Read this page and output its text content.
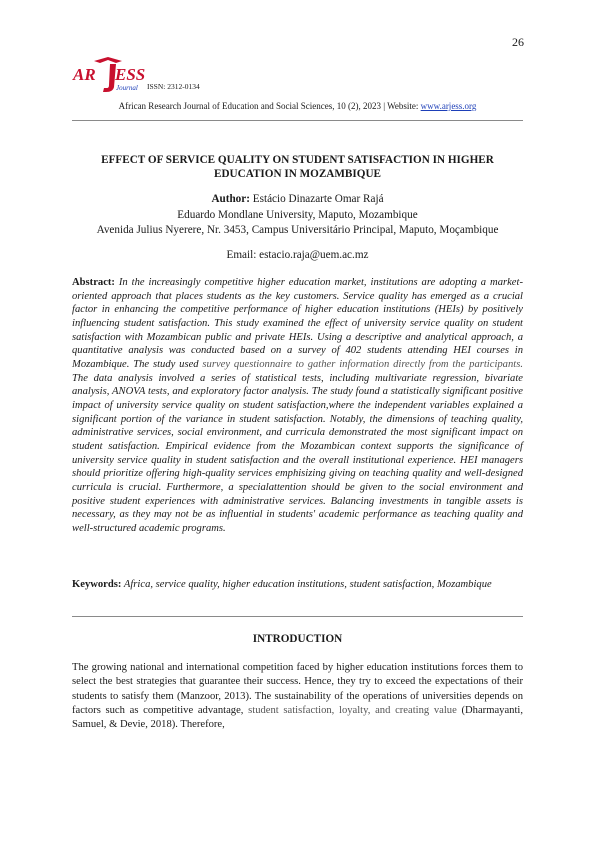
26
AR ESS
Journal ISSN: 2312-0134
African Research Journal of Education and Social Sciences, 10 (2), 2023 | Website: www.arjess.org
EFFECT OF SERVICE QUALITY ON STUDENT SATISFACTION IN HIGHER EDUCATION IN MOZAMBIQUE
Author: Estácio Dinazarte Omar Rajá
Eduardo Mondlane University, Maputo, Mozambique
Avenida Julius Nyerere, Nr. 3453, Campus Universitário Principal, Maputo, Moçambique
Email: estacio.raja@uem.ac.mz
Abstract: In the increasingly competitive higher education market, institutions are adopting a market-oriented approach that places students as the key customers. Service quality has emerged as a crucial factor in enhancing the competitive performance of higher education institutions (HEIs) by positively influencing student satisfaction. This study examined the effect of university service quality on student satisfaction with Mozambican public and private HEIs. Using a descriptive and analytical approach, a quantitative analysis was conducted based on a survey of 402 students attending HEI courses in Mozambique. The study used survey questionnaire to gather information directly from the participants. The data analysis involved a series of statistical tests, including multivariate regression, bivariate analysis, ANOVA tests, and exploratory factor analysis. The study found a statistically significant positive impact of university service quality on student satisfaction,where the independent variables explained a significant portion of the variance in student satisfaction. Notably, the dimensions of teaching quality, administrative services, social environment, and curricula demonstrated the most significant impact on student satisfaction. Empirical evidence from the Mozambican context supports the significance of university service quality in student satisfaction and the overall institutional experience. HEI managers should prioritize offering high-quality services emphisizing giving on teaching quality and well-designed curricula is crucial. Furthermore, a specialattention should be given to the social environment and positive student experiences with administrative services. Balancing investments in tangible assets is necessary, as they may not be as influential in students' academic performance as teaching quality and well-structured academic programs.
Keywords: Africa, service quality, higher education institutions, student satisfaction, Mozambique
INTRODUCTION
The growing national and international competition faced by higher education institutions forces them to select the best strategies that guarantee their success. Hence, they try to exceed the expectations of their students to satisfy them (Manzoor, 2013). The sustainability of the operations of universities depends on factors such as competitive advantage, student satisfaction, loyalty, and creating value (Dharmayanti, Samuel, & Devie, 2018). Therefore,
